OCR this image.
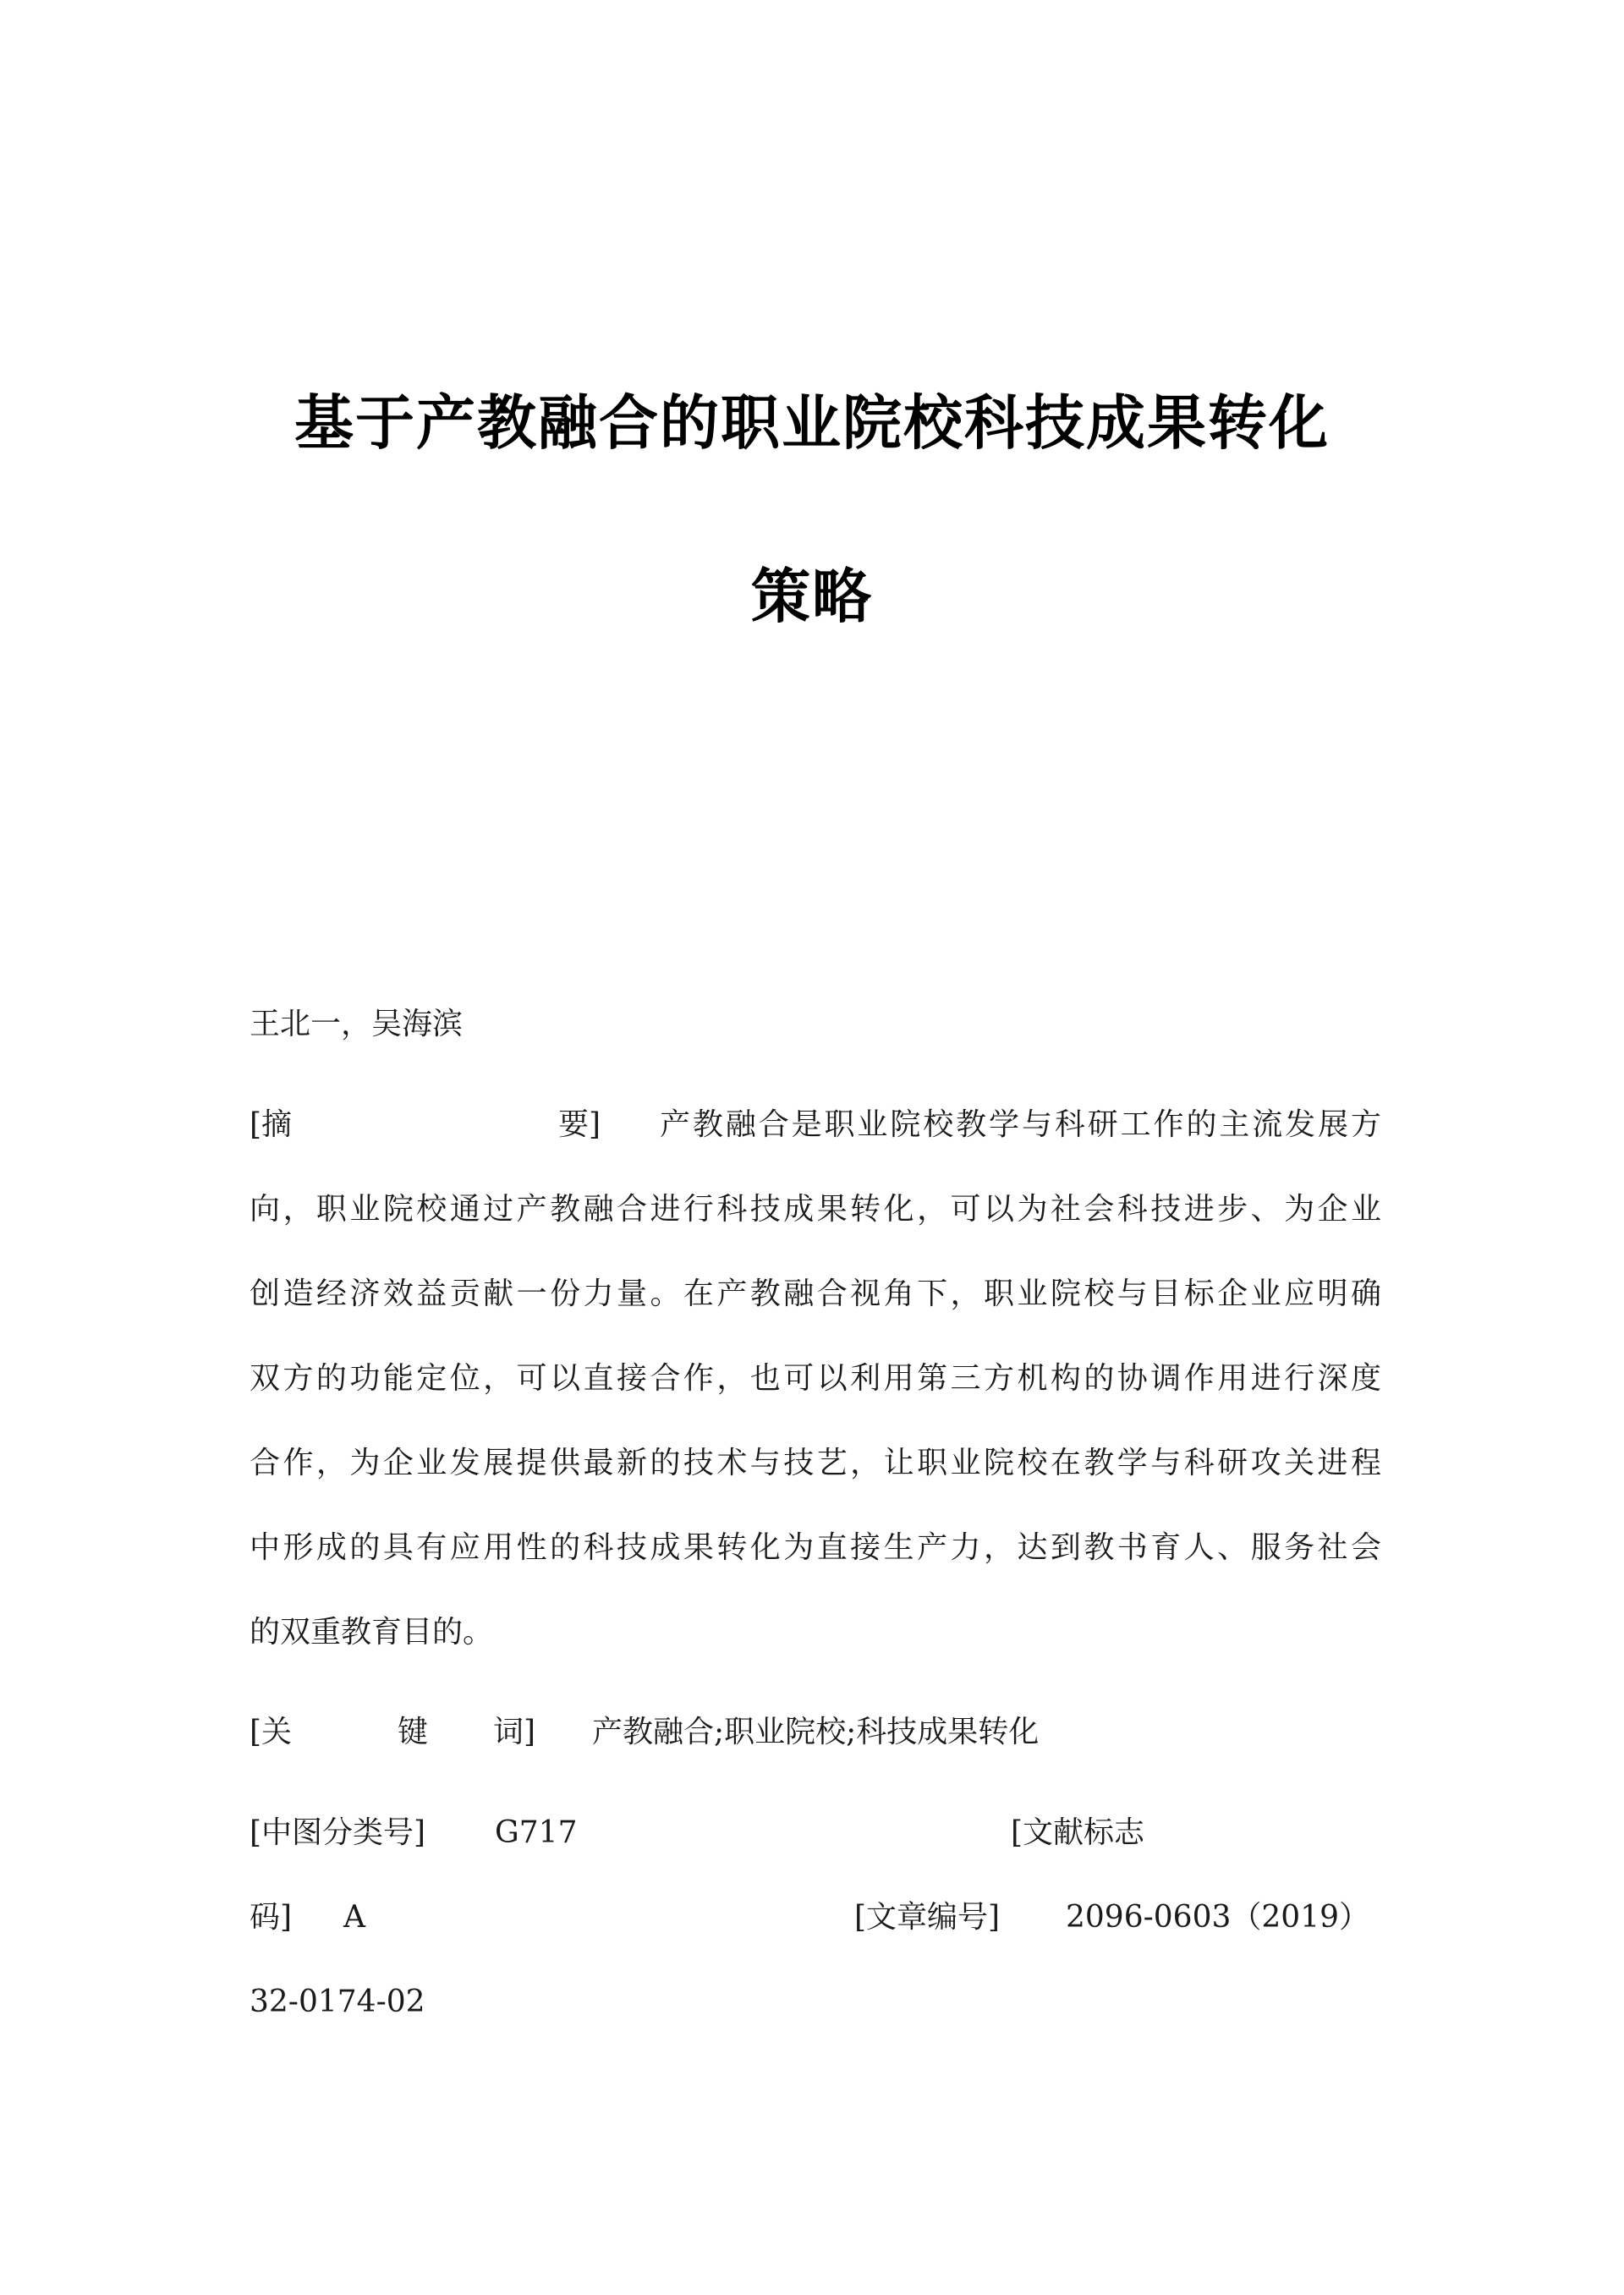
基于产教融合的职业院校科技成果转化
策略
王北一，吴海滨
[摘	要] 产教融合是职业院校教学与科研工作的主流发展方
向，职业院校通过产教融合进行科技成果转化，可以为社会科技进步、为企业
创造经济效益贡献一份力量。在产教融合视角下，职业院校与目标企业应明确
双方的功能定位，可以直接合作，也可以利用第三方机构的协调作用进行深度
合作，为企业发展提供最新的技术与技艺，让职业院校在教学与科研攻关进程
中形成的具有应用性的科技成果转化为直接生产力，达到教书育人、服务社会
的双重教育目的。
[关	键 词] 产教融合;职业院校;科技成果转化
[中图分类号] G717	[文献标志
码] A	[文章编号] 2096-0603（2019）
32-0174-02
